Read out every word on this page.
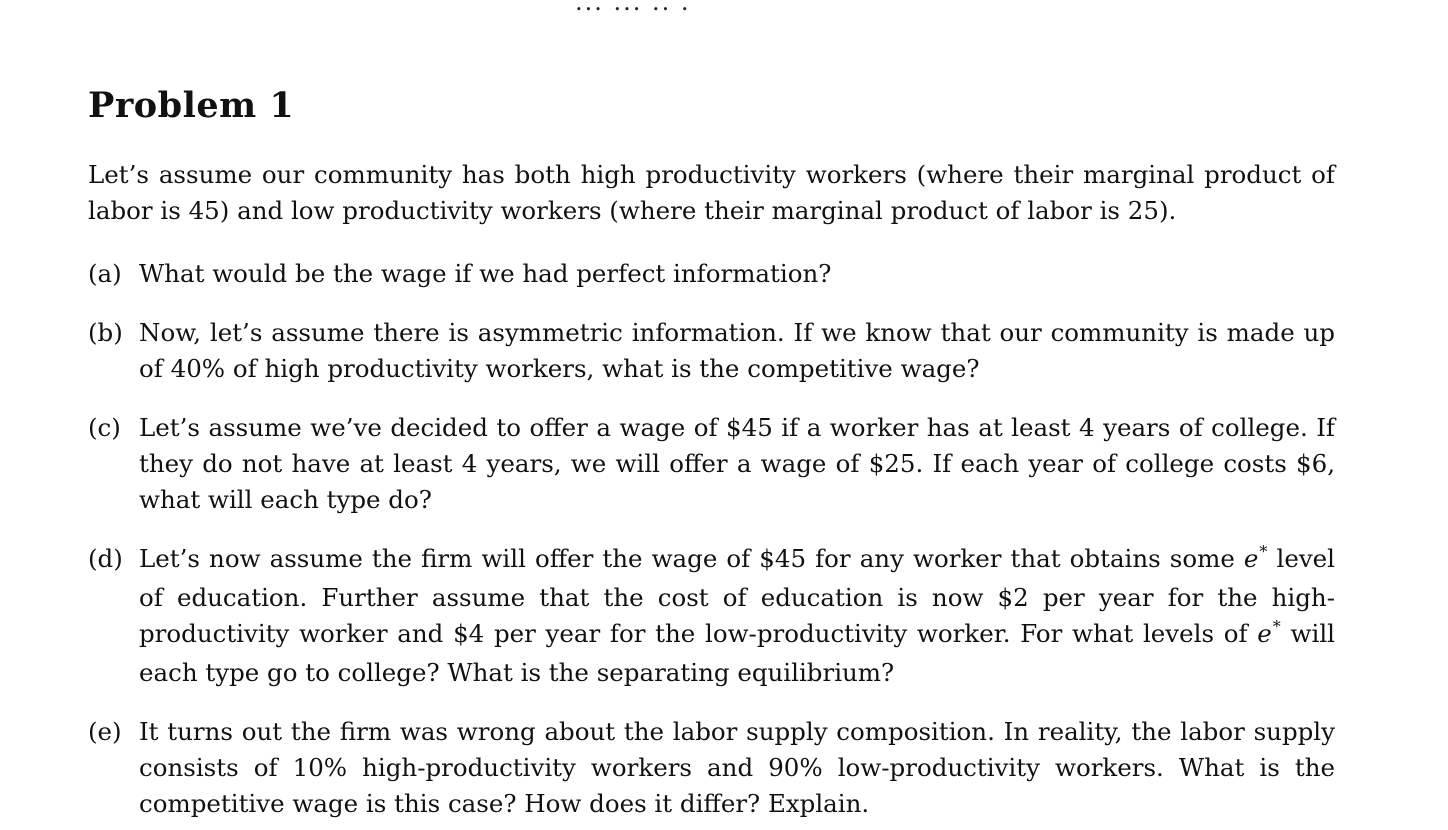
... ... .. .
Problem 1

Let’s assume our community has both high productivity workers (where their marginal product of labor is 45) and low productivity workers (where their marginal product of labor is 25).

(a) What would be the wage if we had perfect information?
(b) Now, let’s assume there is asymmetric information. If we know that our community is made up of 40% of high productivity workers, what is the competitive wage?
(c) Let’s assume we’ve decided to offer a wage of $45 if a worker has at least 4 years of college. If they do not have at least 4 years, we will offer a wage of $25. If each year of college costs $6, what will each type do?
(d) Let’s now assume the firm will offer the wage of $45 for any worker that obtains some e* level of education. Further assume that the cost of education is now $2 per year for the high-productivity worker and $4 per year for the low-productivity worker. For what levels of e* will each type go to college? What is the separating equilibrium?
(e) It turns out the firm was wrong about the labor supply composition. In reality, the labor supply consists of 10% high-productivity workers and 90% low-productivity workers. What is the competitive wage is this case? How does it differ? Explain.
